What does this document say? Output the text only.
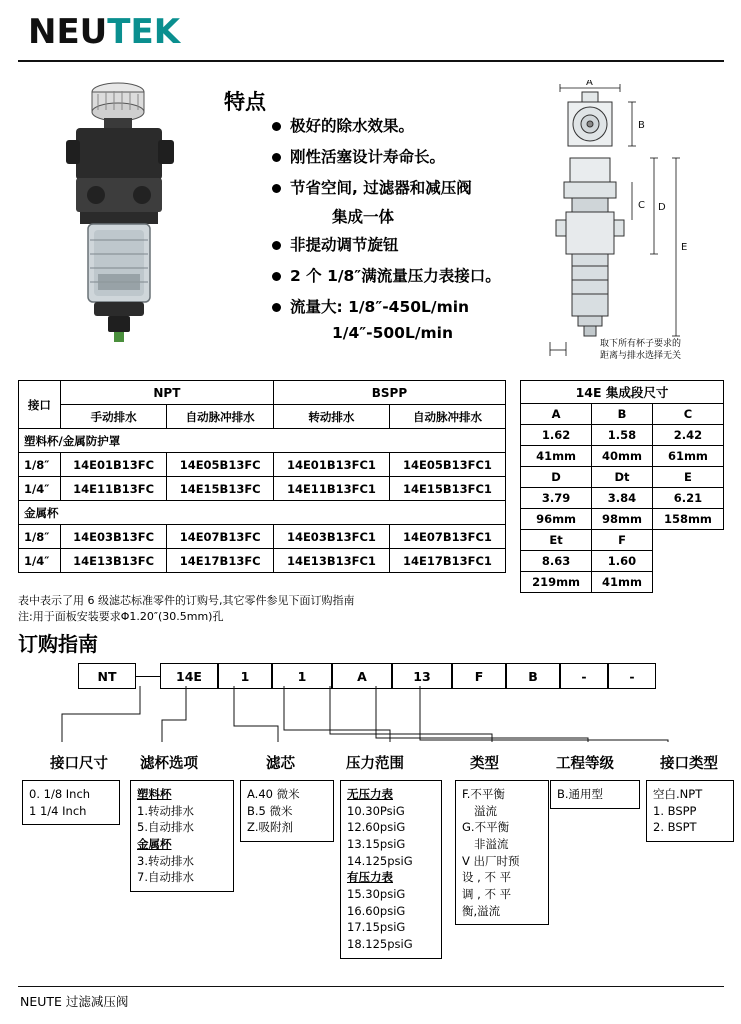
NEUTEK
特点
极好的除水效果。
刚性活塞设计寿命长。
节省空间, 过滤器和减压阀
集成一体
非提动调节旋钮
2 个 1/8″满流量压力表接口。
流量大: 1/8″-450L/min
1/4″-500L/min
A
B
C D
E
取下所有杯子要求的
距离与排水选择无关
接口	NPT		BSPP	
	手动排水	自动脉冲排水	转动排水	自动脉冲排水
塑料杯/金属防护罩				
1/8″	14E01B13FC	14E05B13FC	14E01B13FC1	14E05B13FC1
1/4″	14E11B13FC	14E15B13FC	14E11B13FC1	14E15B13FC1
金属杯				
1/8″	14E03B13FC	14E07B13FC	14E03B13FC1	14E07B13FC1
1/4″	14E13B13FC	14E17B13FC	14E13B13FC1	14E17B13FC1
14E 集成段尺寸		
A	B	C
1.62	1.58	2.42
41mm	40mm	61mm
D	Dt	E
3.79	3.84	6.21
96mm	98mm	158mm
Et	F	
8.63	1.60	
219mm	41mm	
表中表示了用 6 级滤芯标准零件的订购号,其它零件参见下面订购指南
注:用于面板安装要求Φ1.20″(30.5mm)孔
订购指南
NT	14E	1	1	A	13	F	B	-	-
接口尺寸 滤杯选项	滤芯	压力范围	类型	工程等级	接口类型
0. 1/8 Inch
1 1/4 Inch
塑料杯
1.转动排水
5.自动排水
金属杯
3.转动排水
7.自动排水
A.40 微米
B.5 微米
Z.吸附剂
无压力表
10.30PsiG
12.60psiG
13.15psiG
14.125psiG
有压力表
15.30psiG
16.60psiG
17.15psiG
18.125psiG
F.不平衡
溢流
G.不平衡
非溢流
V 出厂时预
设 , 不 平
调 , 不 平
衡,溢流
B.通用型	空白.NPT
1. BSPP
2. BSPT
NEUTE 过滤减压阀
